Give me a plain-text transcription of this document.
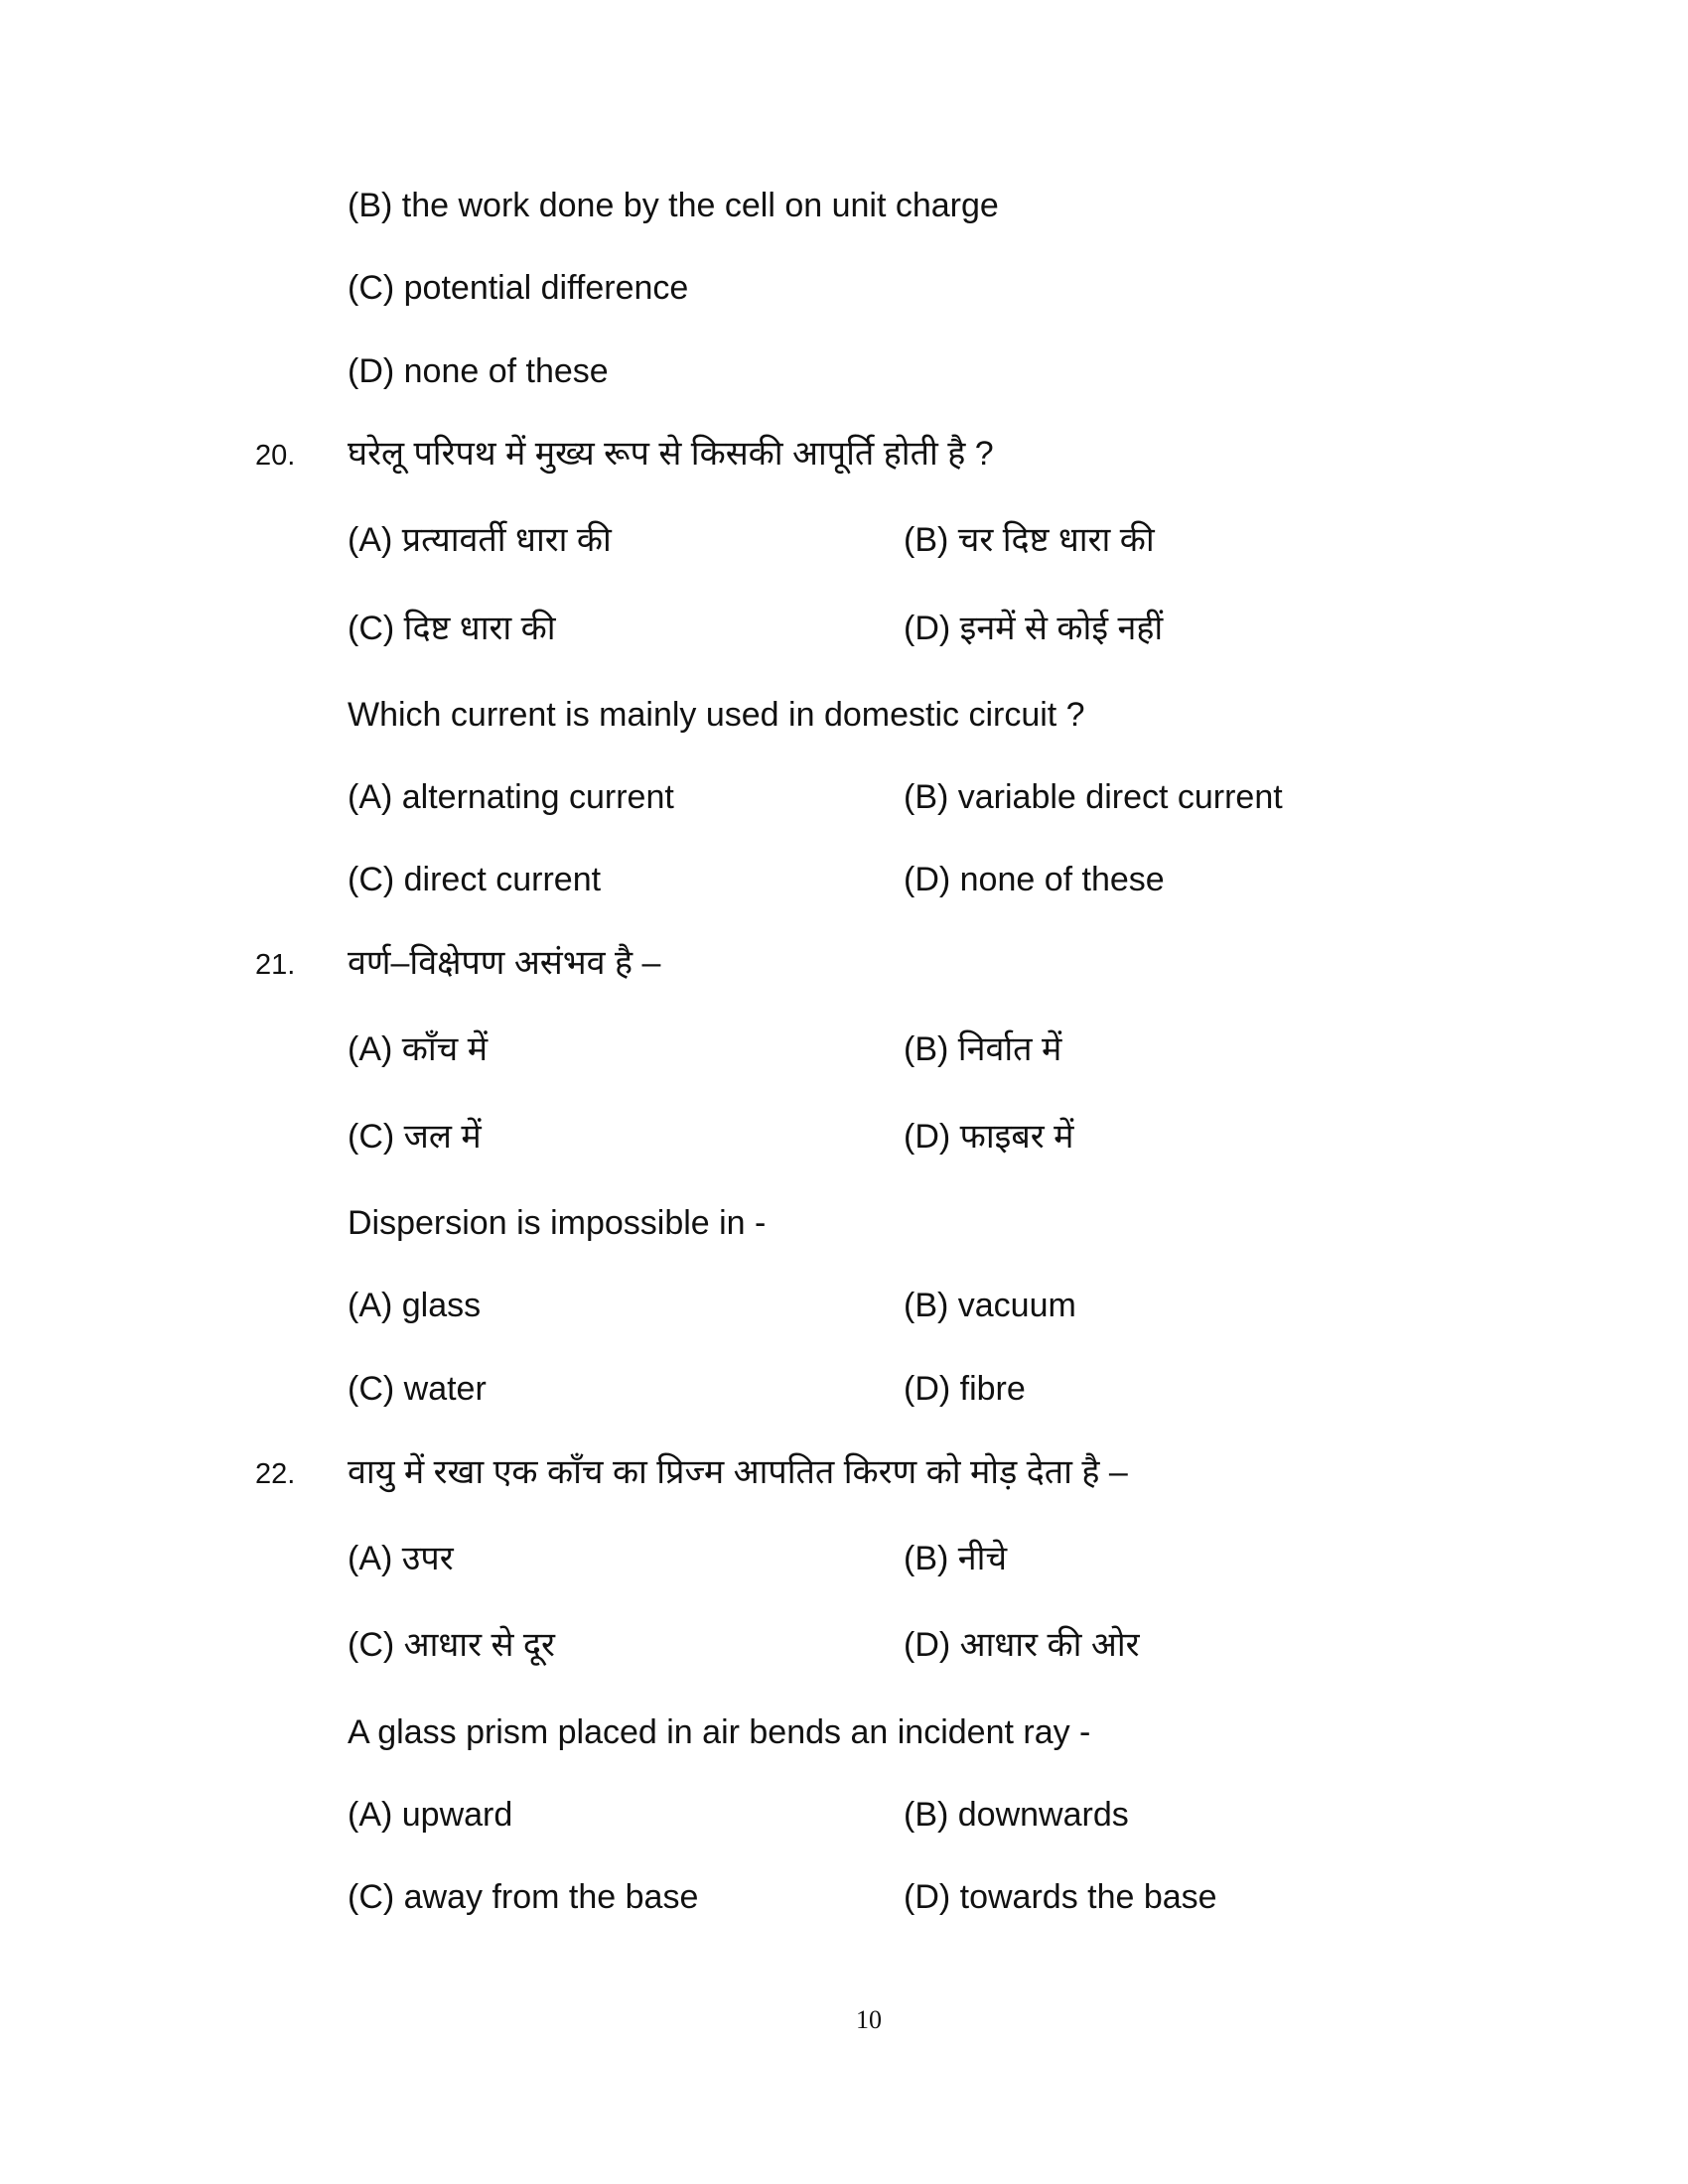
(B) the work done by the cell on unit charge
(C) potential difference
(D) none of these
20. घरेलू परिपथ में मुख्य रूप से किसकी आपूर्ति होती है ?
(A) प्रत्यावर्ती धारा की	(B) चर दिष्ट धारा की
(C) दिष्ट धारा की	(D) इनमें से कोई नहीं
Which current is mainly used in domestic circuit ?
(A) alternating current	(B) variable direct current
(C) direct current	(D) none of these
21. वर्ण–विक्षेपण असंभव है –
(A) काँच में	(B) निर्वात में
(C) जल में	(D) फाइबर में
Dispersion is impossible in -
(A) glass	(B) vacuum
(C) water	(D) fibre
22. वायु में रखा एक काँच का प्रिज्म आपतित किरण को मोड़ देता है –
(A) उपर	(B) नीचे
(C) आधार से दूर	(D) आधार की ओर
A glass prism placed in air bends an incident ray -
(A) upward	(B) downwards
(C) away from the base	(D) towards the base
10
